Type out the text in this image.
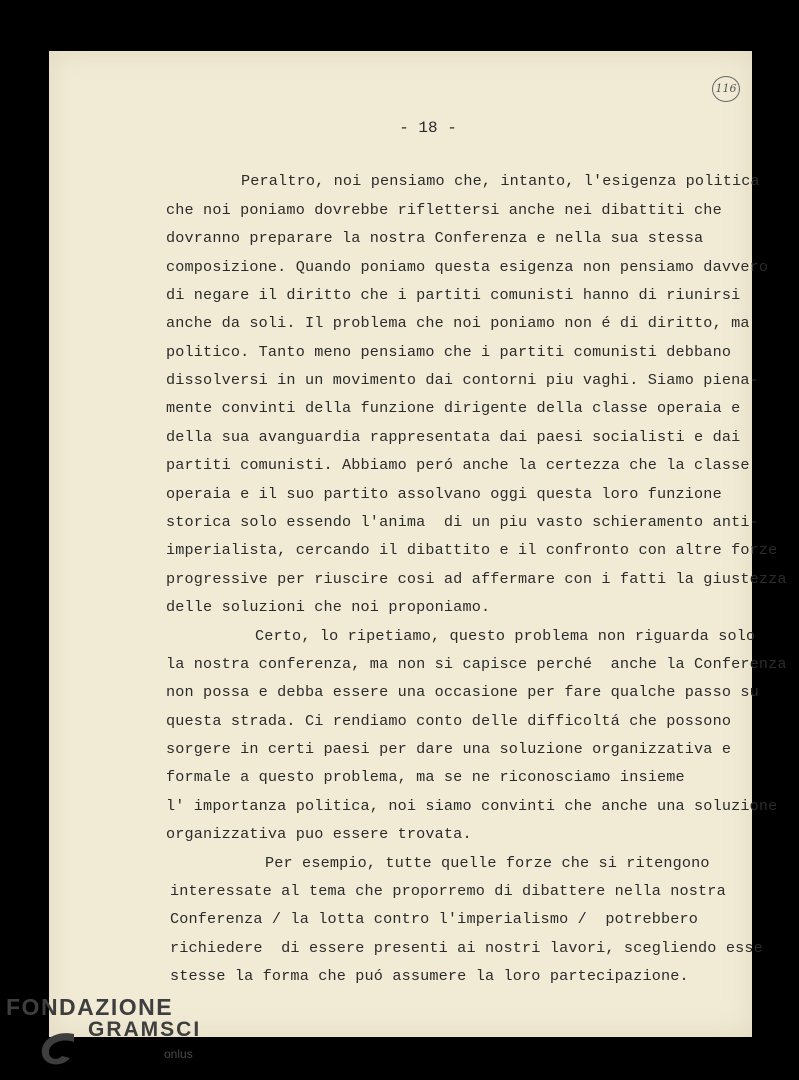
116
- 18 -
Peraltro, noi pensiamo che, intanto, l'esigenza politica
che noi poniamo dovrebbe riflettersi anche nei dibattiti che
dovranno preparare la nostra Conferenza e nella sua stessa
composizione. Quando poniamo questa esigenza non pensiamo davvero
di negare il diritto che i partiti comunisti hanno di riunirsi
anche da soli. Il problema che noi poniamo non é di diritto, ma
politico. Tanto meno pensiamo che i partiti comunisti debbano
dissolversi in un movimento dai contorni piu vaghi. Siamo piena-
mente convinti della funzione dirigente della classe operaia e
della sua avanguardia rappresentata dai paesi socialisti e dai
partiti comunisti. Abbiamo peró anche la certezza che la classe
operaia e il suo partito assolvano oggi questa loro funzione
storica solo essendo l'anima  di un piu vasto schieramento anti-
imperialista, cercando il dibattito e il confronto con altre forze
progressive per riuscire cosi ad affermare con i fatti la giustezza
delle soluzioni che noi proponiamo.
Certo, lo ripetiamo, questo problema non riguarda solo
la nostra conferenza, ma non si capisce perché  anche la Conferenza
non possa e debba essere una occasione per fare qualche passo su
questa strada. Ci rendiamo conto delle difficoltá che possono
sorgere in certi paesi per dare una soluzione organizzativa e
formale a questo problema, ma se ne riconosciamo insieme
l' importanza politica, noi siamo convinti che anche una soluzione
organizzativa puo essere trovata.
Per esempio, tutte quelle forze che si ritengono
interessate al tema che proporremo di dibattere nella nostra
Conferenza / la lotta contro l'imperialismo /  potrebbero
richiedere  di essere presenti ai nostri lavori, scegliendo esse
stesse la forma che puó assumere la loro partecipazione.
FONDAZIONE
GRAMSCI
onlus
